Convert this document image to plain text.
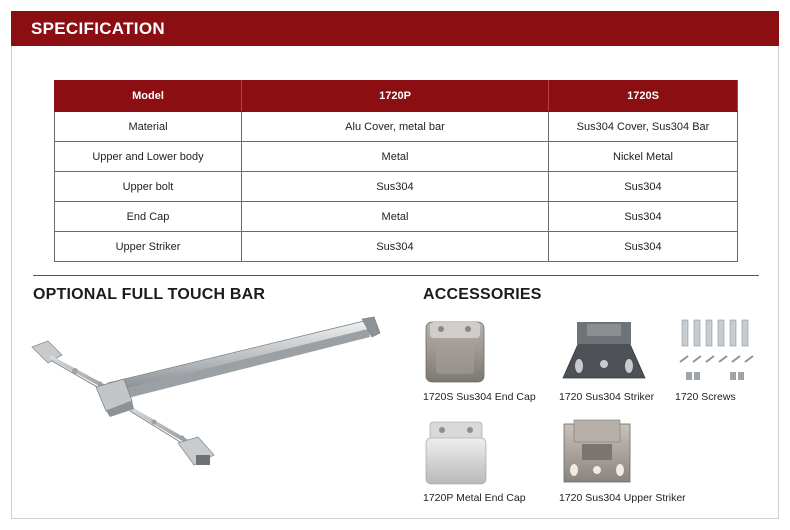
SPECIFICATION
Model	1720P	1720S
Material	Alu Cover, metal bar	Sus304 Cover, Sus304 Bar
Upper and Lower body	Metal	Nickel Metal
Upper bolt	Sus304	Sus304
End Cap	Metal	Sus304
Upper Striker	Sus304	Sus304
OPTIONAL FULL TOUCH BAR	ACCESSORIES
1720S Sus304 End Cap 1720 Sus304 Striker 1720 Screws
1720P Metal End Cap	1720 Sus304 Upper Striker
